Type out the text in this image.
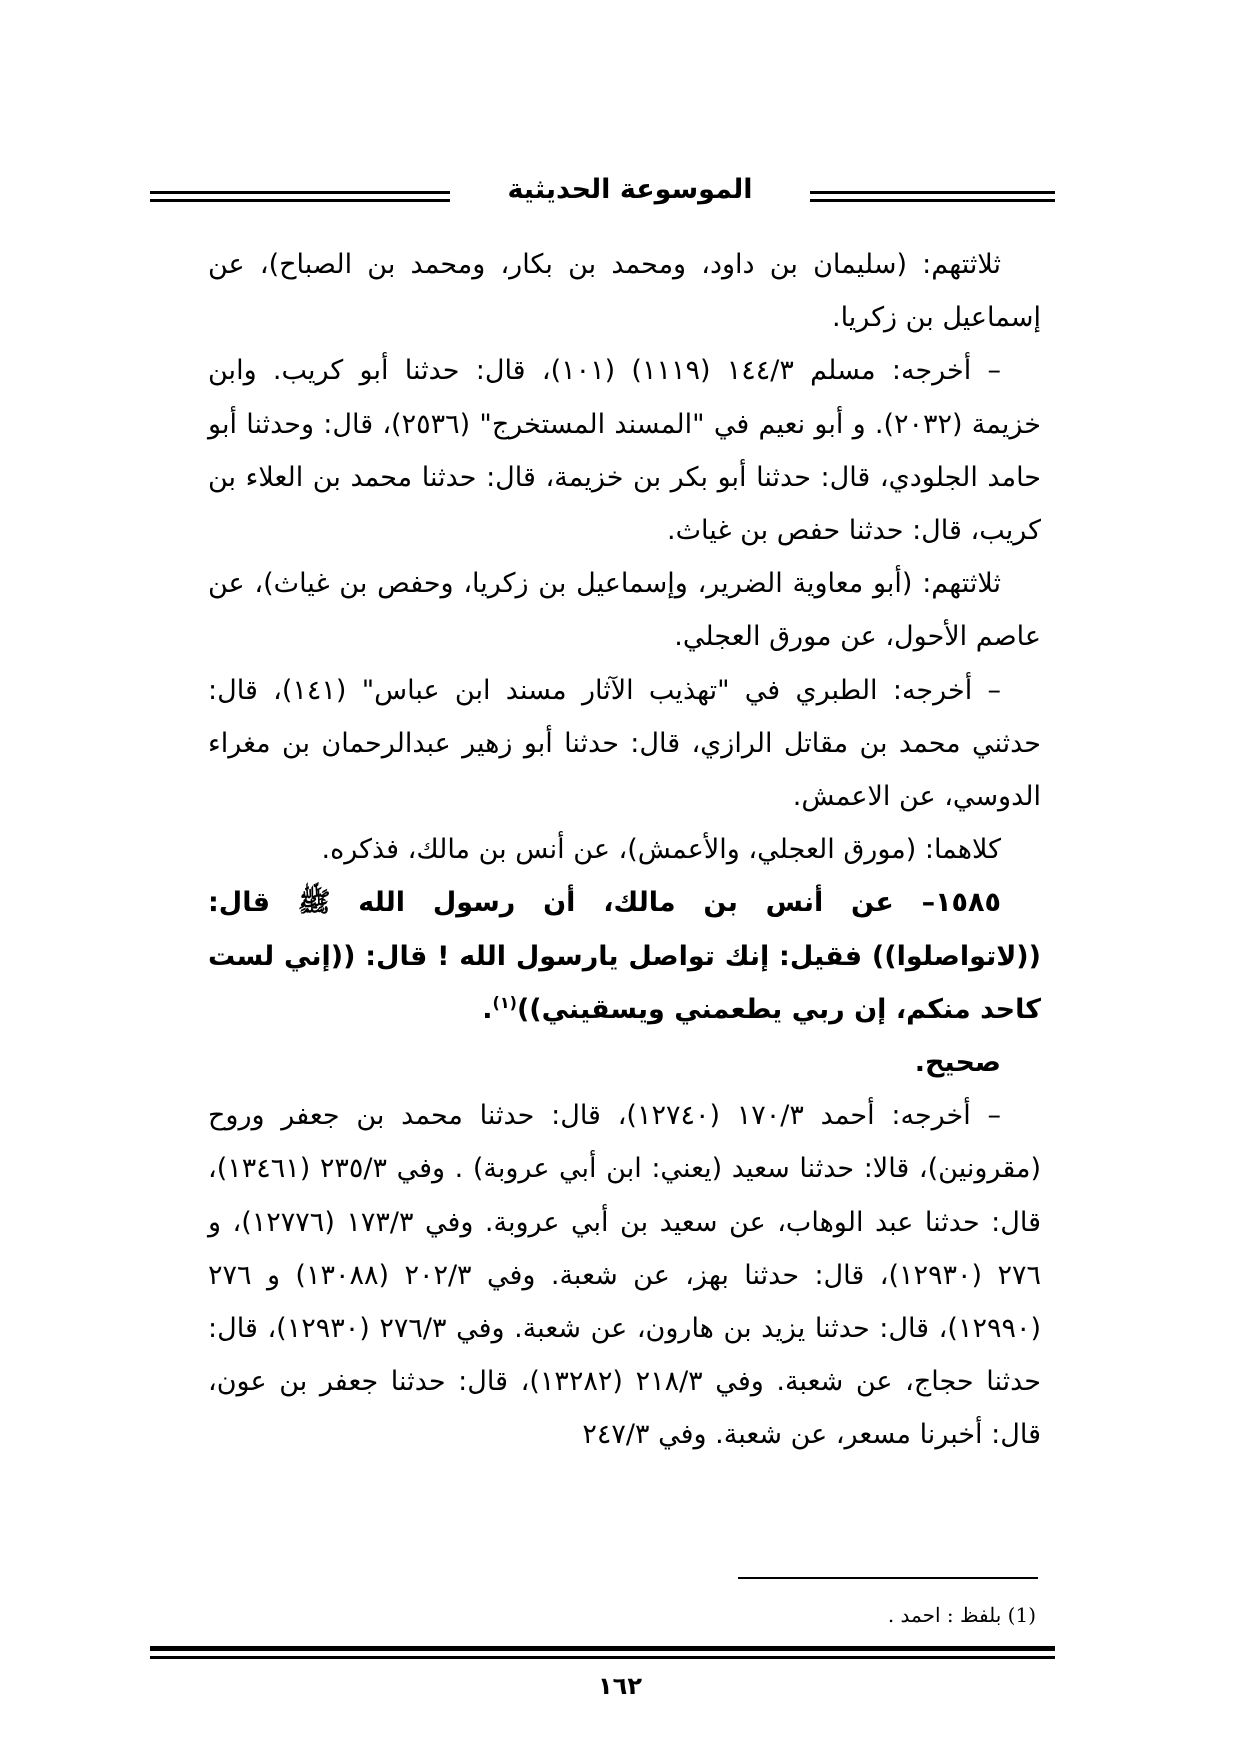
الموسوعة الحديثية

ثلاثتهم: (سليمان بن داود، ومحمد بن بكار، ومحمد بن الصباح)، عن إسماعيل بن زكريا.

– أخرجه: مسلم ١٤٤/٣ (١١١٩) (١٠١)، قال: حدثنا أبو كريب. وابن خزيمة (٢٠٣٢). و أبو نعيم في "المسند المستخرج" (٢٥٣٦)، قال: وحدثنا أبو حامد الجلودي، قال: حدثنا أبو بكر بن خزيمة، قال: حدثنا محمد بن العلاء بن كريب، قال: حدثنا حفص بن غياث.

ثلاثتهم: (أبو معاوية الضرير، وإسماعيل بن زكريا، وحفص بن غياث)، عن عاصم الأحول، عن مورق العجلي.

– أخرجه: الطبري في "تهذيب الآثار مسند ابن عباس" (١٤١)، قال: حدثني محمد بن مقاتل الرازي، قال: حدثنا أبو زهير عبدالرحمان بن مغراء الدوسي، عن الاعمش.

كلاهما: (مورق العجلي، والأعمش)، عن أنس بن مالك، فذكره.

١٥٨٥– عن أنس بن مالك، أن رسول الله ﷺ قال: ((لاتواصلوا)) فقيل: إنك تواصل يارسول الله ! قال: ((إني لست كاحد منكم، إن ربي يطعمني ويسقيني))$^{(١)}$.

صحيح.

– أخرجه: أحمد ١٧٠/٣ (١٢٧٤٠)، قال: حدثنا محمد بن جعفر وروح (مقرونين)، قالا: حدثنا سعيد (يعني: ابن أبي عروبة) . وفي ٢٣٥/٣ (١٣٤٦١)، قال: حدثنا عبد الوهاب، عن سعيد بن أبي عروبة. وفي ١٧٣/٣ (١٢٧٧٦)، و ٢٧٦ (١٢٩٣٠)، قال: حدثنا بهز، عن شعبة. وفي ٢٠٢/٣ (١٣٠٨٨) و ٢٧٦ (١٢٩٩٠)، قال: حدثنا يزيد بن هارون، عن شعبة. وفي ٢٧٦/٣ (١٢٩٣٠)، قال: حدثنا حجاج، عن شعبة. وفي ٢١٨/٣ (١٣٢٨٢)، قال: حدثنا جعفر بن عون، قال: أخبرنا مسعر، عن شعبة. وفي ٢٤٧/٣

(1) بلفظ : احمد .
١٦٢
